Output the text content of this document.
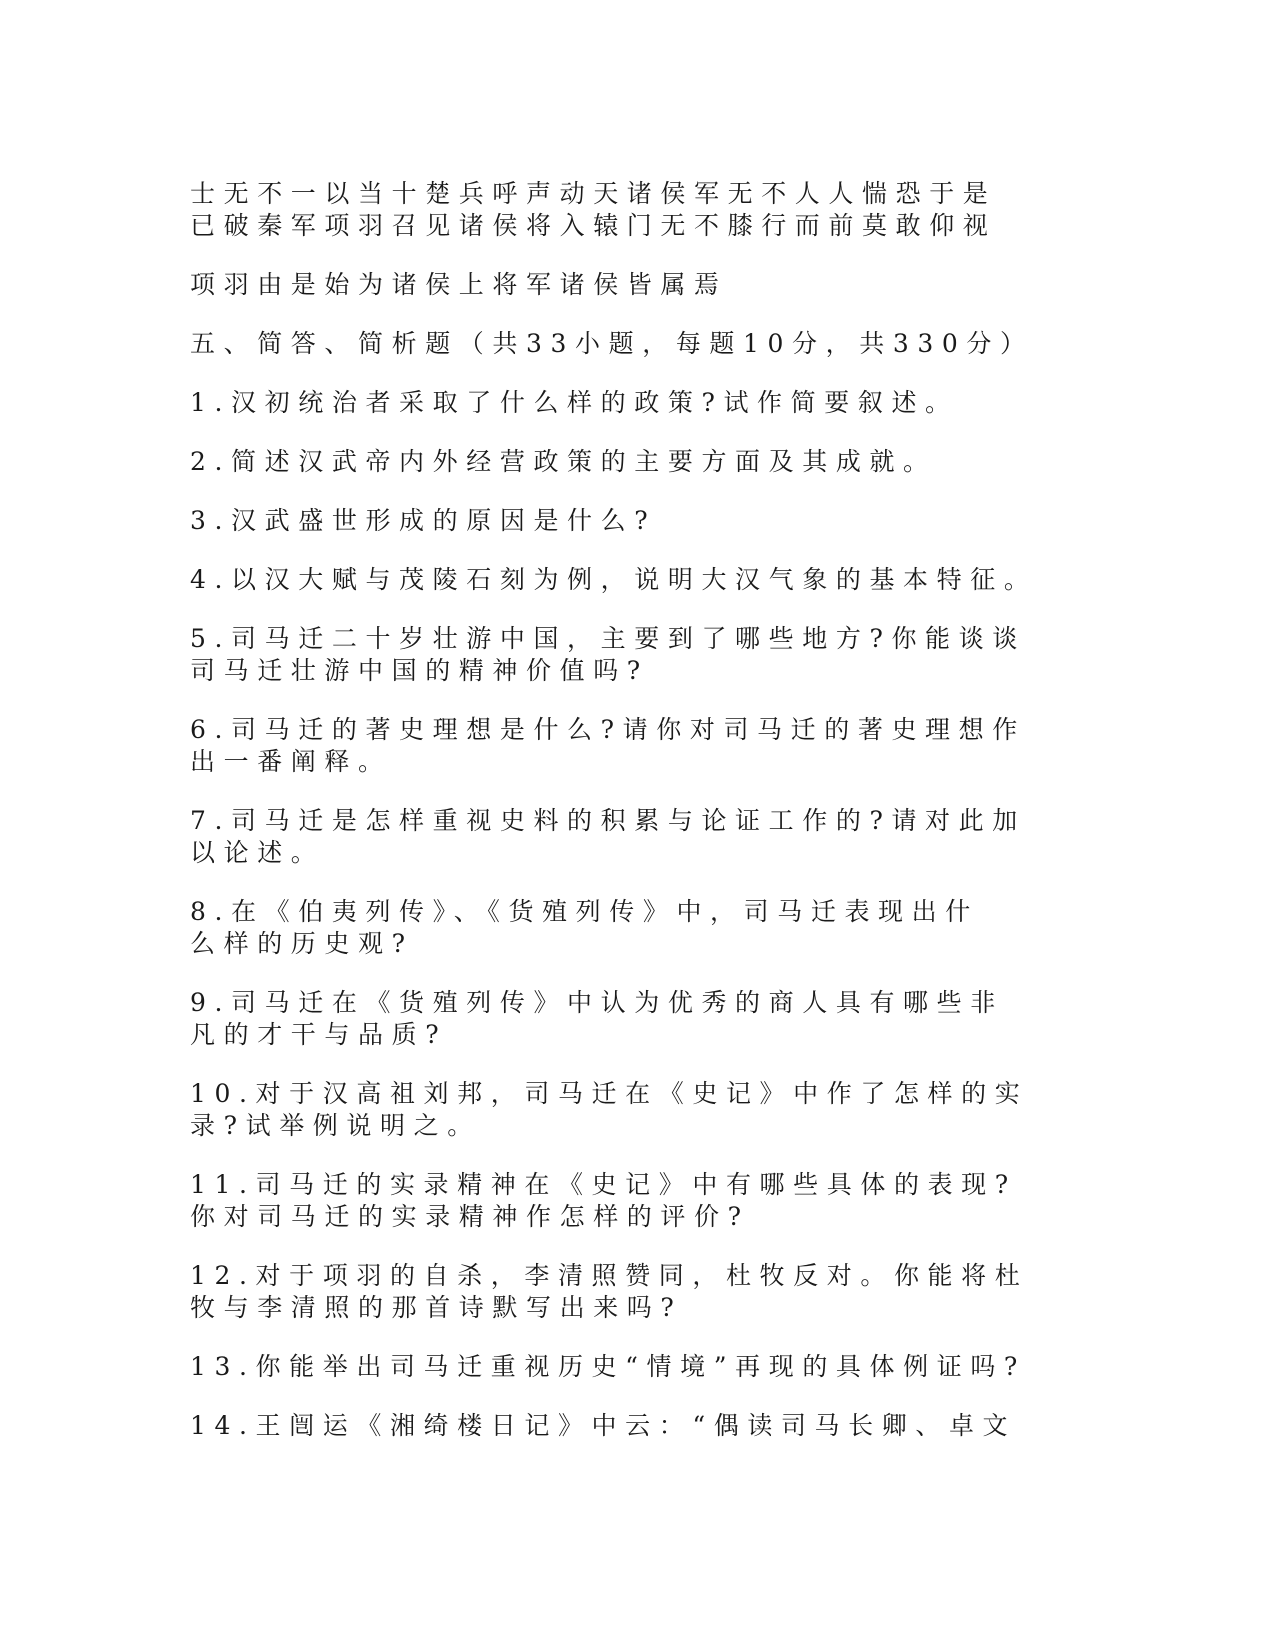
士无不一以当十楚兵呼声动天诸侯军无不人人惴恐于是
已破秦军项羽召见诸侯将入辕门无不膝行而前莫敢仰视

项羽由是始为诸侯上将军诸侯皆属焉

五、简答、简析题（共33小题，每题10分，共330分）

1.汉初统治者采取了什么样的政策?试作简要叙述。

2.简述汉武帝内外经营政策的主要方面及其成就。

3.汉武盛世形成的原因是什么?

4.以汉大赋与茂陵石刻为例，说明大汉气象的基本特征。

5.司马迁二十岁壮游中国，主要到了哪些地方?你能谈谈
司马迁壮游中国的精神价值吗?

6.司马迁的著史理想是什么?请你对司马迁的著史理想作
出一番阐释。

7.司马迁是怎样重视史料的积累与论证工作的?请对此加
以论述。

8.在《伯夷列传》、《货殖列传》中，司马迁表现出什
么样的历史观?

9.司马迁在《货殖列传》中认为优秀的商人具有哪些非
凡的才干与品质?

10.对于汉高祖刘邦，司马迁在《史记》中作了怎样的实
录?试举例说明之。

11.司马迁的实录精神在《史记》中有哪些具体的表现?
你对司马迁的实录精神作怎样的评价?

12.对于项羽的自杀，李清照赞同，杜牧反对。你能将杜
牧与李清照的那首诗默写出来吗?

13.你能举出司马迁重视历史“情境”再现的具体例证吗?

14.王闿运《湘绮楼日记》中云：“偶读司马长卿、卓文
